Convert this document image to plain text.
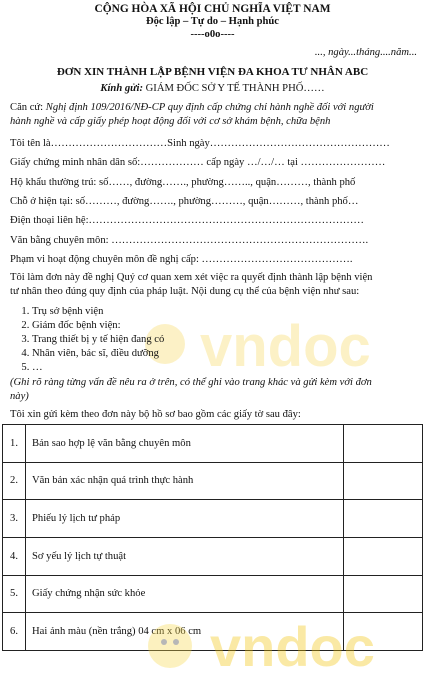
vndoc
CỘNG HÒA XÃ HỘI CHỦ NGHĨA VIỆT NAM
Độc lập – Tự do – Hạnh phúc
----o0o----
..., ngày...tháng....năm...
ĐƠN XIN THÀNH LẬP BỆNH VIỆN ĐA KHOA TƯ NHÂN ABC
Kính gửi: GIÁM ĐỐC SỞ Y TẾ THÀNH PHỐ……
Căn cứ: Nghị định 109/2016/NĐ-CP quy định cấp chứng chỉ hành nghề đối với người
hành nghề và cấp giấy phép hoạt động đối với cơ sở khám bệnh, chữa bệnh
Tôi tên là……………………………Sinh ngày……………………………………………
Giấy chứng minh nhân dân số:……………… cấp ngày …/…/… tại ……………………
Hộ khẩu thường trú: số……, đường……., phường…….., quận………, thành phố
Chỗ ở hiện tại: số………, đường……., phường………, quận………, thành phố…
Điện thoại liên hệ:……………………………………………………………………
Văn bằng chuyên môn: ……………………………………………………………….
Phạm vi hoạt động chuyên môn đề nghị cấp: …………………………………….
Tôi làm đơn này đề nghị Quý cơ quan xem xét việc ra quyết định thành lập bệnh viện
tư nhân theo đúng quy định của pháp luật. Nội dung cụ thể của bệnh viện như sau:
1. Trụ sở bệnh viện
2. Giám đốc bệnh viện:
3. Trang thiết bị y tế hiện đang có
4. Nhân viên, bác sĩ, điều dưỡng
5. …
(Ghi rõ ràng từng vấn đề nêu ra ở trên, có thể ghi vào trang khác và gửi kèm với đơn
này)
Tôi xin gửi kèm theo đơn này bộ hồ sơ bao gồm các giấy tờ sau đây:
1.	Bản sao hợp lệ văn bằng chuyên môn	
2.	Văn bản xác nhận quá trình thực hành	
3.	Phiếu lý lịch tư pháp	
4.	Sơ yếu lý lịch tự thuật	
5.	Giấy chứng nhận sức khỏe	
6.	Hai ảnh màu (nền trắng) 04 cm x 06 cm	vndoc
